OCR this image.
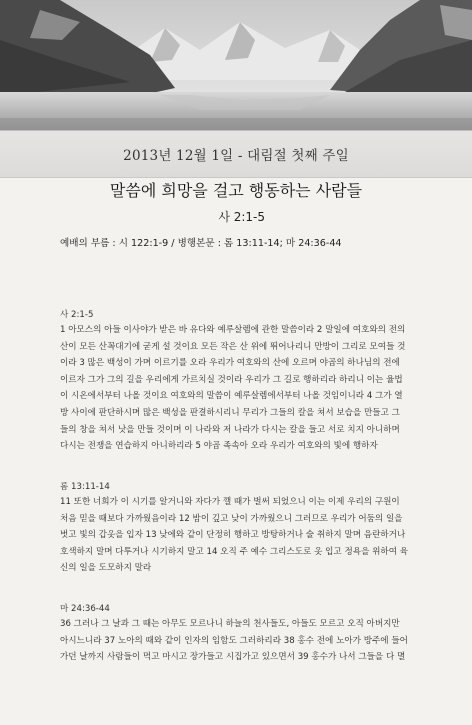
2013년 12월 1일 - 대림절 첫째 주일
말씀에 희망을 걸고 행동하는 사람들

사 2:1-5

예배의 부름 : 시 122:1-9 / 병행본문 : 롬 13:11-14; 마 24:36-44

사 2:1-5

1 아모스의 아들 이사야가 받은 바 유다와 예루살렘에 관한 말씀이라 2 말일에 여호와의 전의

산이 모든 산꼭대기에 굳게 설 것이요 모든 작은 산 위에 뛰어나리니 만방이 그리로 모여들 것

이라 3 많은 백성이 가며 이르기를 오라 우리가 여호와의 산에 오르며 야곱의 하나님의 전에

이르자 그가 그의 길을 우리에게 가르치실 것이라 우리가 그 길로 행하리라 하리니 이는 율법

이 시온에서부터 나올 것이요 여호와의 말씀이 예루살렘에서부터 나올 것임이니라 4 그가 열

방 사이에 판단하시며 많은 백성을 판결하시리니 무리가 그들의 칼을 쳐서 보습을 만들고 그

들의 창을 쳐서 낫을 만들 것이며 이 나라와 저 나라가 다시는 칼을 들고 서로 치지 아니하며

다시는 전쟁을 연습하지 아니하리라 5 야곱 족속아 오라 우리가 여호와의 빛에 행하자

롬 13:11-14

11 또한 너희가 이 시기를 알거니와 자다가 깰 때가 벌써 되었으니 이는 이제 우리의 구원이

처음 믿을 때보다 가까웠음이라 12 밤이 깊고 낮이 가까웠으니 그러므로 우리가 어둠의 일을

벗고 빛의 갑옷을 입자 13 낮에와 같이 단정히 행하고 방탕하거나 술 취하지 말며 음란하거나

호색하지 말며 다투거나 시기하지 말고 14 오직 주 예수 그리스도로 옷 입고 정욕을 위하여 육

신의 일을 도모하지 말라

마 24:36-44

36 그러나 그 날과 그 때는 아무도 모르나니 하늘의 천사들도, 아들도 모르고 오직 아버지만

아시느니라 37 노아의 때와 같이 인자의 임함도 그러하리라 38 홍수 전에 노아가 방주에 들어

가던 날까지 사람들이 먹고 마시고 장가들고 시집가고 있으면서 39 홍수가 나서 그들을 다 멸
